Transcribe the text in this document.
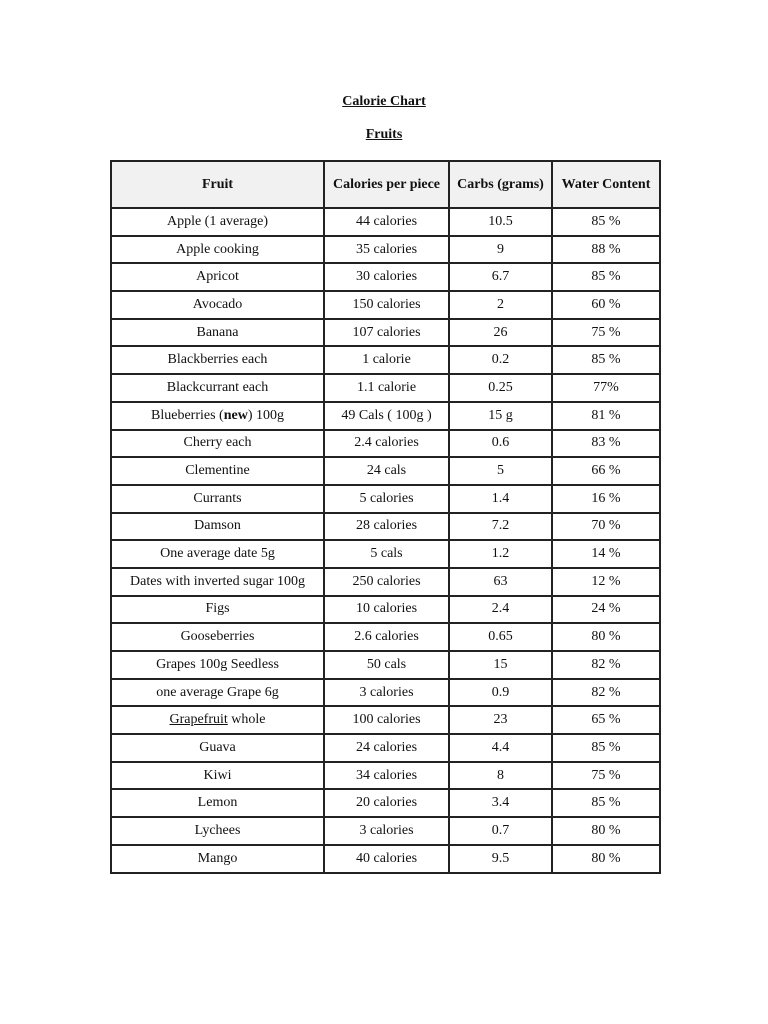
Calorie Chart
Fruits
Fruit	Calories per piece	Carbs (grams)	Water Content
Apple (1 average)	44 calories	10.5	85 %
Apple cooking	35 calories	9	88 %
Apricot	30 calories	6.7	85 %
Avocado	150 calories	2	60 %
Banana	107 calories	26	75 %
Blackberries each	1 calorie	0.2	85 %
Blackcurrant each	1.1 calorie	0.25	77%
Blueberries (new) 100g	49 Cals ( 100g )	15 g	81 %
Cherry each	2.4 calories	0.6	83 %
Clementine	24 cals	5	66 %
Currants	5 calories	1.4	16 %
Damson	28 calories	7.2	70 %
One average date 5g	5 cals	1.2	14 %
Dates with inverted sugar 100g	250 calories	63	12 %
Figs	10 calories	2.4	24 %
Gooseberries	2.6 calories	0.65	80 %
Grapes 100g Seedless	50 cals	15	82 %
one average Grape 6g	3 calories	0.9	82 %
Grapefruit whole	100 calories	23	65 %
Guava	24 calories	4.4	85 %
Kiwi	34 calories	8	75 %
Lemon	20 calories	3.4	85 %
Lychees	3 calories	0.7	80 %
Mango	40 calories	9.5	80 %
